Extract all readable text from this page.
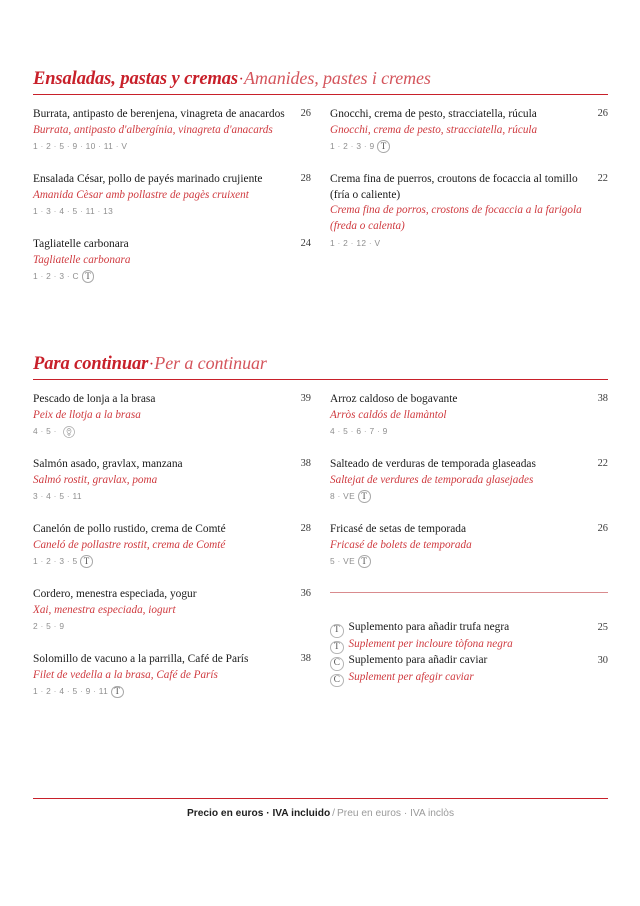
Ensaladas, pastas y cremas·Amanides, pastes i cremes
Burrata, antipasto de berenjena, vinagreta de anacardos
Burrata, antipasto d'albergínia, vinagreta d'anacards
26
1 · 2 · 5 · 9 · 10 · 11 · V
Ensalada César, pollo de payés marinado crujiente
Amanida Cèsar amb pollastre de pagès cruixent
28
1 · 3 · 4 · 5 · 11 · 13
Tagliatelle carbonara
Tagliatelle carbonara
24
1 · 2 · 3 · C T
Gnocchi, crema de pesto, stracciatella, rúcula
Gnocchi, crema de pesto, stracciatella, rúcula
26
1 · 2 · 3 · 9 T
Crema fina de puerros, croutons de focaccia al tomillo
(fría o caliente)
Crema fina de porros, crostons de focaccia a la farigola
(freda o calenta)
22
1 · 2 · 12 · V
Para continuar·Per a continuar
Pescado de lonja a la brasa
Peix de llotja a la brasa
39
4 · 5 ·
Salmón asado, gravlax, manzana
Salmó rostit, gravlax, poma
38
3 · 4 · 5 · 11
Canelón de pollo rustido, crema de Comté
Caneló de pollastre rostit, crema de Comté
28
1 · 2 · 3 · 5 T
Cordero, menestra especiada, yogur
Xai, menestra especiada, iogurt
36
2 · 5 · 9
Solomillo de vacuno a la parrilla, Café de París
Filet de vedella a la brasa, Café de París
38
1 · 2 · 4 · 5 · 9 · 11 T
Arroz caldoso de bogavante
Arròs caldós de llamàntol
38
4 · 5 · 6 · 7 · 9
Salteado de verduras de temporada glaseadas
Saltejat de verdures de temporada glasejades
22
8 · VE T
Fricasé de setas de temporada
Fricasé de bolets de temporada
26
5 · VE T
T Suplemento para añadir trufa negra	25
T Suplement per incloure tòfona negra
C Suplemento para añadir caviar	30
C Suplement per afegir caviar
Precio en euros · IVA incluido / Preu en euros · IVA inclòs
